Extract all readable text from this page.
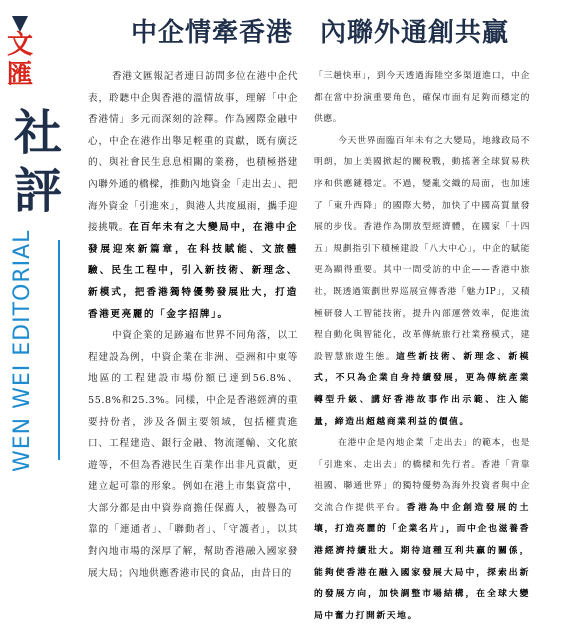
中企情牽香港　內聯外通創共贏
文匯
社評
WEN WEI EDITORIAL

香港文匯報記者連日訪問多位在港中企代表，聆聽中企與香港的溫情故事，理解「中企香港情」多元而深刻的詮釋。作為國際金融中心，中企在港作出舉足輕重的貢獻，既有廣泛的、與社會民生息息相關的業務，也積極搭建內聯外通的橋樑，推動內地資金「走出去」、把海外資金「引進來」，與港人共度風雨，攜手迎接挑戰。在百年未有之大變局中，在港中企發展迎來新篇章，在科技賦能、文旅體驗、民生工程中，引入新技術、新理念、新模式，把香港獨特優勢發展壯大，打造香港更亮麗的「金字招牌」。

中資企業的足跡遍布世界不同角落，以工程建設為例，中資企業在非洲、亞洲和中東等地區的工程建設市場份額已達到56.8%、55.8%和25.3%。同樣，中企是香港經濟的重要持份者，涉及各個主要領域，包括權貴進口、工程建造、銀行金融、物流運輸、文化旅遊等，不但為香港民生百業作出非凡貢獻，更建立起可靠的形象。例如在港上市集資當中，大部分都是由中資券商擔任保薦人，被譽為可靠的「連通者」、「聯動者」、「守護者」，以其對內地市場的深厚了解，幫助香港融入國家發展大局；內地供應香港市民的食品，由昔日的

「三趟快車」，到今天透過海陸空多渠道進口，中企都在當中扮演重要角色，確保市面有足夠而穩定的供應。

今天世界面臨百年未有之大變局，地緣政局不明朗，加上美國掀起的關稅戰，動搖著全球貿易秩序和供應鏈穩定。不過，變亂交織的局面，也加速了「東升西降」的國際大勢，加快了中國高質量發展的步伐。香港作為開放型經濟體，在國家「十四五」規劃指引下積極建設「八大中心」，中企的賦能更為顯得重要。其中一間受訪的中企——香港中旅社，既透過策劃世界巡展宣傳香港「魅力IP」，又積極研發人工智能技術，提升內部運營效率，促進流程自動化與智能化，改革傳統旅行社業務模式，建設智慧旅遊生態。這些新技術、新理念、新模式，不只為企業自身持續發展，更為傳統產業轉型升級、講好香港故事作出示範、注入能量，締造出超越商業利益的價值。

在港中企是內地企業「走出去」的範本，也是「引進來、走出去」的橋樑和先行者。香港「背靠祖國、聯通世界」的獨特優勢為海外投資者與中企交流合作提供平台。香港為中企創造發展的土壤，打造亮麗的「企業名片」，而中企也滋養香港經濟持續壯大。期待這種互利共贏的關係，能夠使香港在融入國家發展大局中，探索出新的發展方向，加快調整市場結構，在全球大變局中奮力打開新天地。
